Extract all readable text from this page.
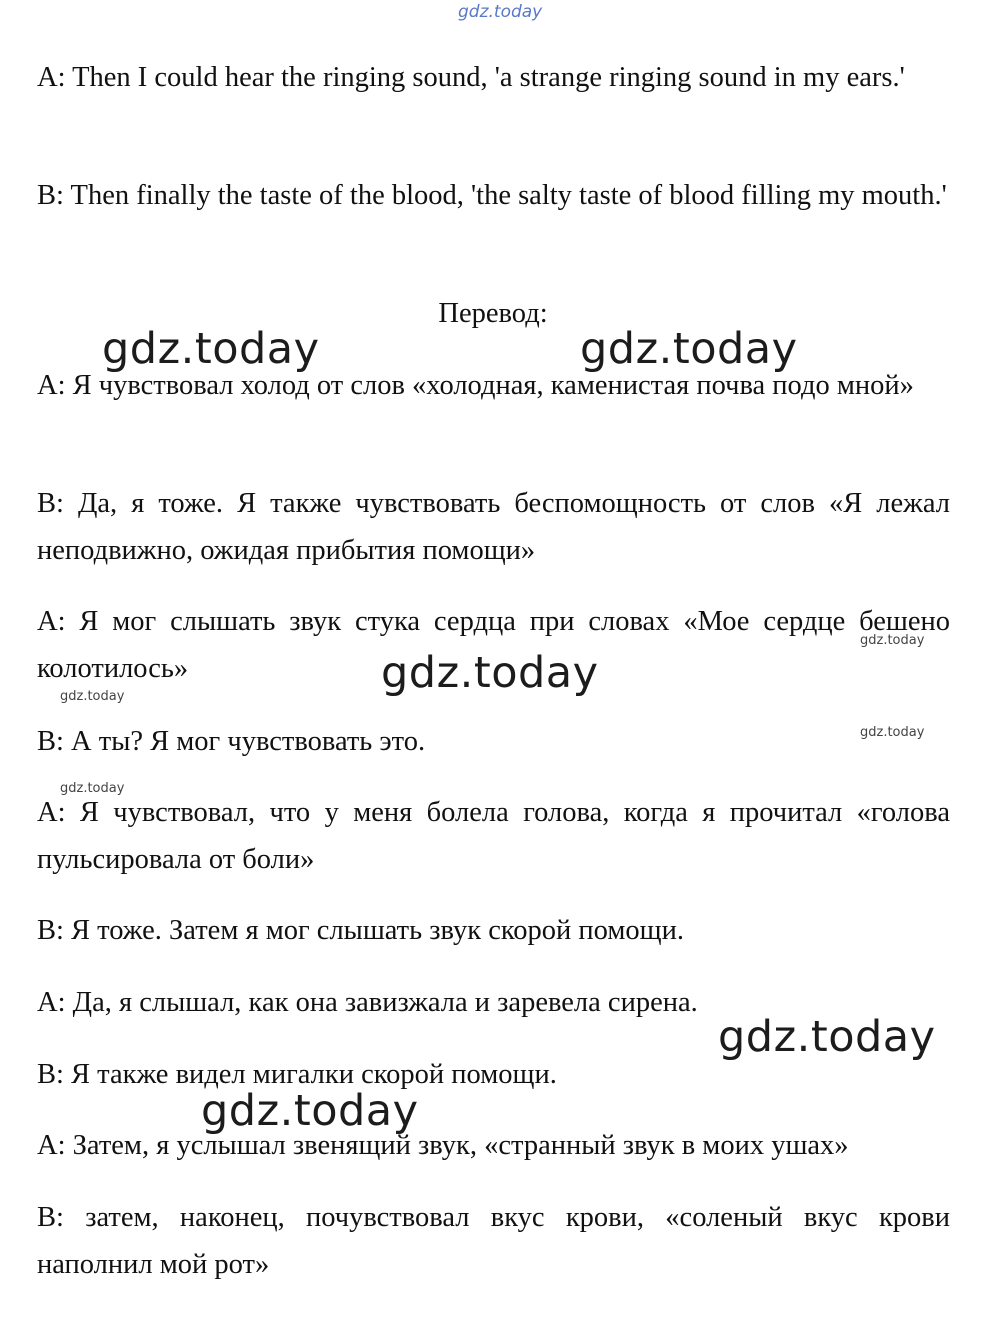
gdz.today

A: Then I could hear the ringing sound, 'a strange ringing sound in my ears.'

B: Then finally the taste of the blood, 'the salty taste of blood filling my mouth.'

Перевод:

A: Я чувствовал холод от слов «холодная, каменистая почва подо мной»

B: Да, я тоже. Я также чувствовать беспомощность от слов «Я лежал неподвижно, ожидая прибытия помощи»

A: Я мог слышать звук стука сердца при словах «Мое сердце бешено колотилось»

B: А ты? Я мог чувствовать это.

A: Я чувствовал, что у меня болела голова, когда я прочитал «голова пульсировала от боли»

B: Я тоже. Затем я мог слышать звук скорой помощи.

A: Да, я слышал, как она завизжала и заревела сирена.

B: Я также видел мигалки скорой помощи.

A: Затем, я услышал звенящий звук, «странный звук в моих ушах»

B: затем, наконец, почувствовал вкус крови, «соленый вкус крови наполнил мой рот»

gdz.today	gdz.today
gdz.today
gdz.today
gdz.today
gdz.today
gdz.today
gdz.today
gdz.today
